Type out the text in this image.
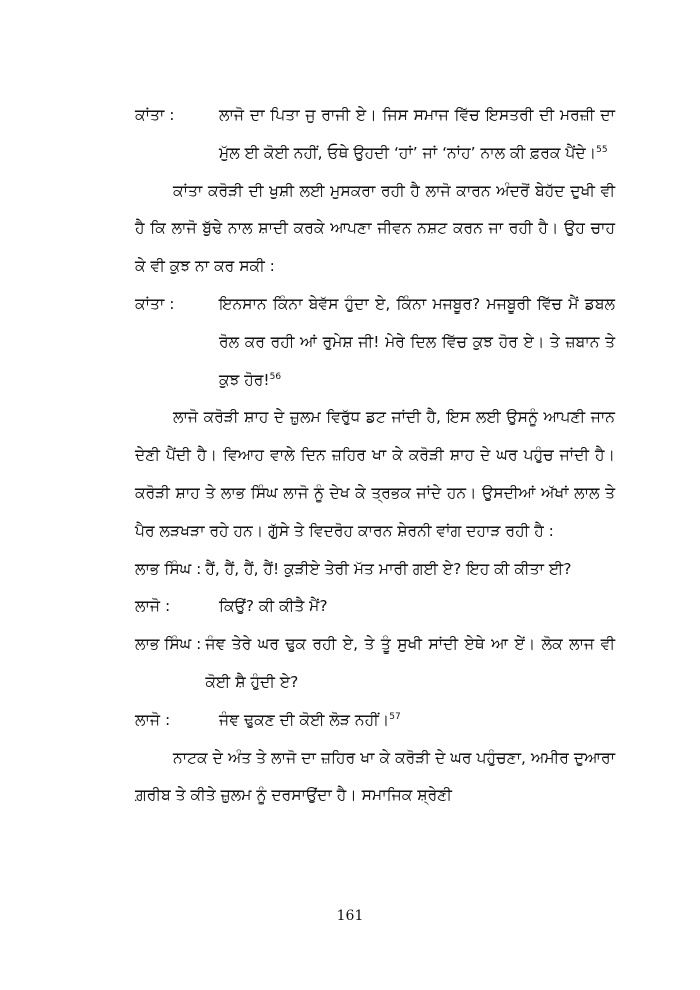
ਕਾਂਤਾ :	ਲਾਜੋ ਦਾ ਪਿਤਾ ਜੁ ਰਾਜੀ ਏ। ਜਿਸ ਸਮਾਜ ਵਿੱਚ ਇਸਤਰੀ ਦੀ ਮਰਜ਼ੀ ਦਾ ਮੁੱਲ ਈ ਕੋਈ ਨਹੀਂ, ਓਥੇ ਉਹਦੀ ‘ਹਾਂ’ ਜਾਂ ‘ਨਾਂਹ’ ਨਾਲ ਕੀ ਫ਼ਰਕ ਪੈਂਦੇ।$^{55}$

ਕਾਂਤਾ ਕਰੋੜੀ ਦੀ ਖੁਸ਼ੀ ਲਈ ਮੁਸਕਰਾ ਰਹੀ ਹੈ ਲਾਜੋ ਕਾਰਨ ਅੰਦਰੋਂ ਬੇਹੱਦ ਦੁਖੀ ਵੀ ਹੈ ਕਿ ਲਾਜੋ ਬੁੱਢੇ ਨਾਲ ਸ਼ਾਦੀ ਕਰਕੇ ਆਪਣਾ ਜੀਵਨ ਨਸ਼ਟ ਕਰਨ ਜਾ ਰਹੀ ਹੈ। ਉਹ ਚਾਹ ਕੇ ਵੀ ਕੁਝ ਨਾ ਕਰ ਸਕੀ :

ਕਾਂਤਾ :	ਇਨਸਾਨ ਕਿੰਨਾ ਬੇਵੱਸ ਹੁੰਦਾ ਏ, ਕਿੰਨਾ ਮਜਬੂਰ? ਮਜਬੂਰੀ ਵਿੱਚ ਮੈਂ ਡਬਲ ਰੋਲ ਕਰ ਰਹੀ ਆਂ ਰੁਮੇਸ਼ ਜੀ! ਮੇਰੇ ਦਿਲ ਵਿੱਚ ਕੁਝ ਹੋਰ ਏ। ਤੇ ਜ਼ਬਾਨ ਤੇ ਕੁਝ ਹੋਰ!$^{56}$

ਲਾਜੋ ਕਰੋੜੀ ਸ਼ਾਹ ਦੇ ਜ਼ੁਲਮ ਵਿਰੁੱਧ ਡਟ ਜਾਂਦੀ ਹੈ, ਇਸ ਲਈ ਉਸਨੂੰ ਆਪਣੀ ਜਾਨ ਦੇਣੀ ਪੈਂਦੀ ਹੈ। ਵਿਆਹ ਵਾਲੇ ਦਿਨ ਜ਼ਹਿਰ ਖਾ ਕੇ ਕਰੋੜੀ ਸ਼ਾਹ ਦੇ ਘਰ ਪਹੁੰਚ ਜਾਂਦੀ ਹੈ। ਕਰੋੜੀ ਸ਼ਾਹ ਤੇ ਲਾਭ ਸਿੰਘ ਲਾਜੋ ਨੂੰ ਦੇਖ ਕੇ ਤ੍ਰਭਕ ਜਾਂਦੇ ਹਨ। ਉਸਦੀਆਂ ਅੱਖਾਂ ਲਾਲ ਤੇ ਪੈਰ ਲੜਖੜਾ ਰਹੇ ਹਨ। ਗੁੱਸੇ ਤੇ ਵਿਦਰੋਹ ਕਾਰਨ ਸ਼ੇਰਨੀ ਵਾਂਗ ਦਹਾੜ ਰਹੀ ਹੈ :

ਲਾਭ ਸਿੰਘ : ਹੈਂ, ਹੈਂ, ਹੈਂ, ਹੈਂ! ਕੁੜੀਏ ਤੇਰੀ ਮੱਤ ਮਾਰੀ ਗਈ ਏ? ਇਹ ਕੀ ਕੀਤਾ ਈ?
ਲਾਜੋ :	ਕਿਉਂ? ਕੀ ਕੀਤੈ ਮੈਂ?
ਲਾਭ ਸਿੰਘ : ਜੰਞ ਤੇਰੇ ਘਰ ਢੁਕ ਰਹੀ ਏ, ਤੇ ਤੂੰ ਸੁਖੀ ਸਾਂਦੀ ਏਥੇ ਆ ਏਂ। ਲੋਕ ਲਾਜ ਵੀ ਕੋਈ ਸ਼ੈ ਹੁੰਦੀ ਏ?
ਲਾਜੋ :	ਜੰਞ ਢੁਕਣ ਦੀ ਕੋਈ ਲੋੜ ਨਹੀਂ।$^{57}$

ਨਾਟਕ ਦੇ ਅੰਤ ਤੇ ਲਾਜੋ ਦਾ ਜ਼ਹਿਰ ਖਾ ਕੇ ਕਰੋੜੀ ਦੇ ਘਰ ਪਹੁੰਚਣਾ, ਅਮੀਰ ਦੁਆਰਾ ਗ਼ਰੀਬ ਤੇ ਕੀਤੇ ਜ਼ੁਲਮ ਨੂੰ ਦਰਸਾਉਂਦਾ ਹੈ। ਸਮਾਜਿਕ ਸ਼੍ਰੇਣੀ

161
